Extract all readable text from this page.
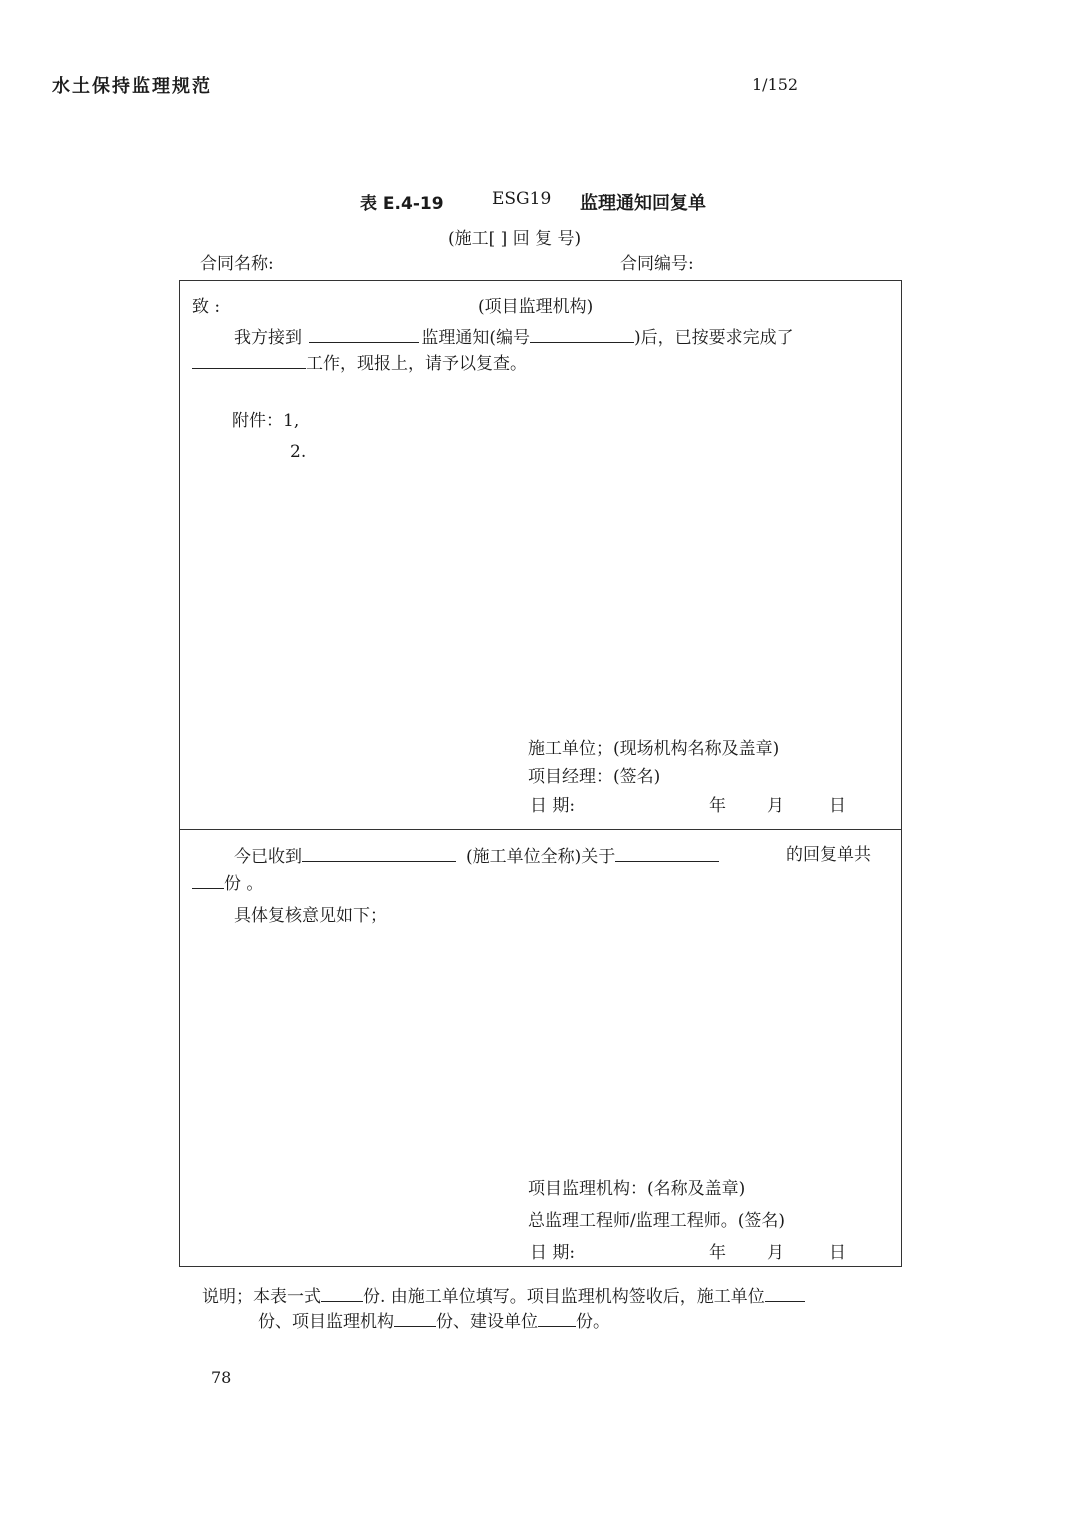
水土保持监理规范	1/152
表 E.4-19	ESG19 监理通知回复单
(施工[ ] 回 复 号)
合同名称:	合同编号:
致 :	(项目监理机构)
我方接到	监理通知(编号	)后，已按要求完成了
工作，现报上，请予以复查。
附件：1,
2.
施工单位；(现场机构名称及盖章)
项目经理：(签名)
日 期:	年 月	日
今已收到	(施工单位全称)关于	的回复单共
份 。
具体复核意见如下；
项目监理机构：(名称及盖章)
总监理工程师/监理工程师。(签名)
日 期:	年 月	日
说明；本表一式 份. 由施工单位填写。项目监理机构签收后，施工单位
份、项目监理机构 份、建设单位 份。
78
